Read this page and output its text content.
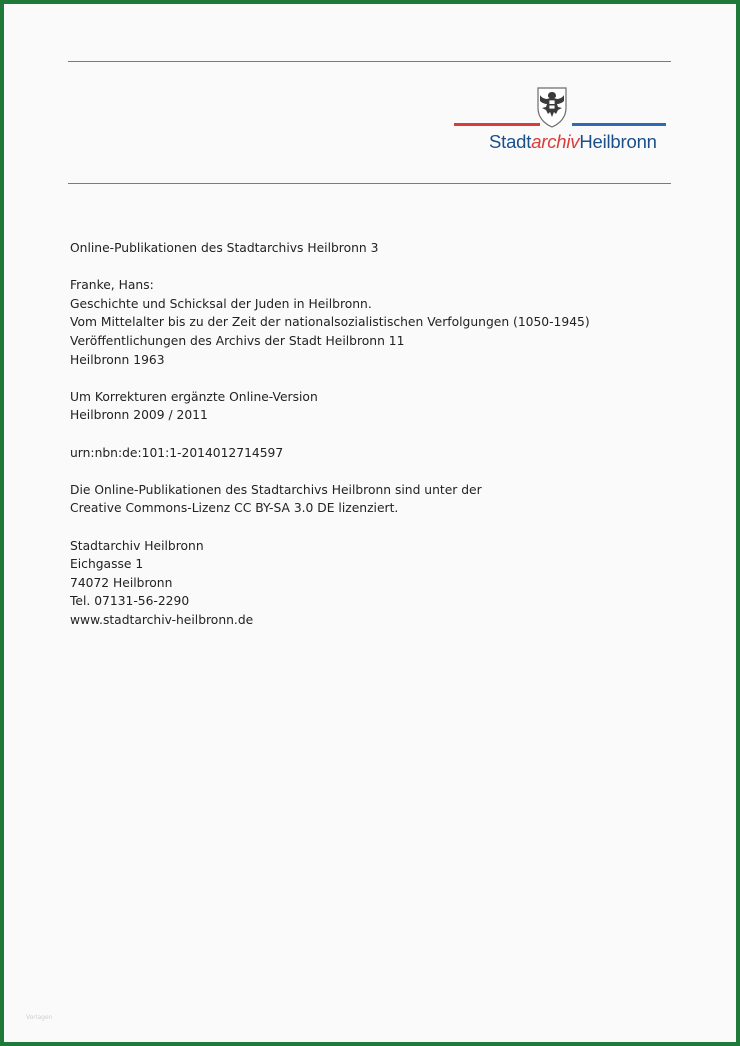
StadtarchivHeilbronn

Online-Publikationen des Stadtarchivs Heilbronn 3

Franke, Hans:
Geschichte und Schicksal der Juden in Heilbronn.
Vom Mittelalter bis zu der Zeit der nationalsozialistischen Verfolgungen (1050-1945)
Veröffentlichungen des Archivs der Stadt Heilbronn 11
Heilbronn 1963

Um Korrekturen ergänzte Online-Version
Heilbronn 2009 / 2011

urn:nbn:de:101:1-2014012714597

Die Online-Publikationen des Stadtarchivs Heilbronn sind unter der
Creative Commons-Lizenz CC BY-SA 3.0 DE lizenziert.

Stadtarchiv Heilbronn
Eichgasse 1
74072 Heilbronn
Tel. 07131-56-2290
www.stadtarchiv-heilbronn.de

Vorlagen
